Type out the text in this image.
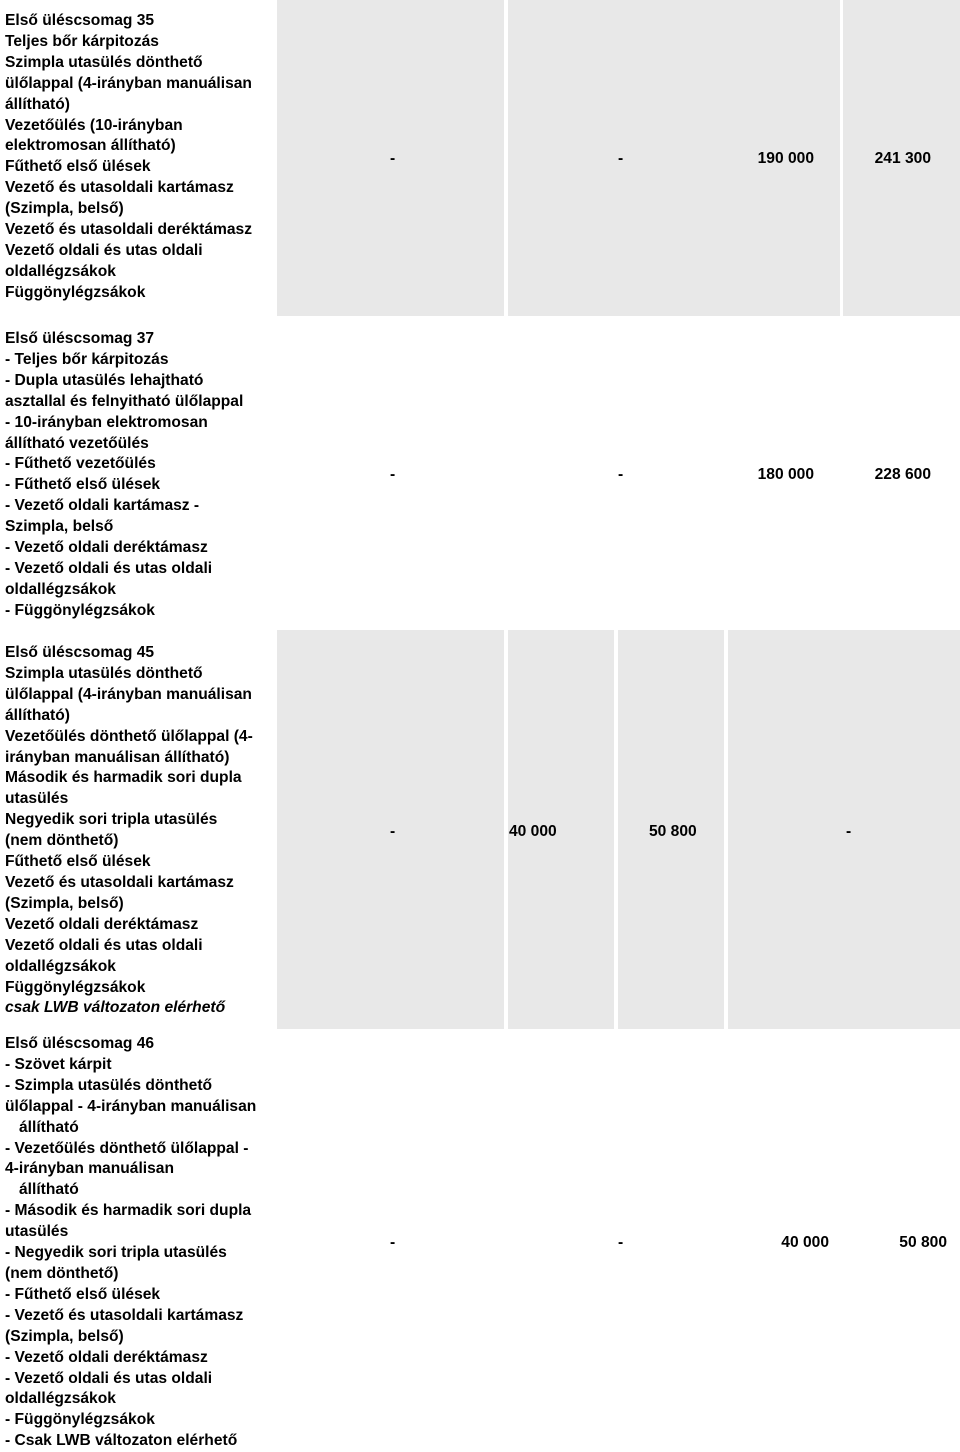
Első üléscsomag 35
Teljes bőr kárpitozás
Szimpla utasülés dönthető
ülőlappal (4-irányban manuálisan
állítható)
Vezetőülés (10-irányban
elektromosan állítható)
Fűthető első ülések
Vezető és utasoldali kartámasz
(Szimpla, belső)
Vezető és utasoldali deréktámasz
Vezető oldali és utas oldali
oldallégzsákok
Függönylégzsákok
-	-	190 000	241 300
Első üléscsomag 37
- Teljes bőr kárpitozás
- Dupla utasülés lehajtható
asztallal és felnyitható ülőlappal
- 10-irányban elektromosan
állítható vezetőülés
- Fűthető vezetőülés
- Fűthető első ülések
- Vezető oldali kartámasz -
Szimpla, belső
- Vezető oldali deréktámasz
- Vezető oldali és utas oldali
oldallégzsákok
- Függönylégzsákok
-	-	180 000	228 600
Első üléscsomag 45
Szimpla utasülés dönthető
ülőlappal (4-irányban manuálisan
állítható)
Vezetőülés dönthető ülőlappal (4-
irányban manuálisan állítható)
Második és harmadik sori dupla
utasülés
Negyedik sori tripla utasülés
(nem dönthető)
Fűthető első ülések
Vezető és utasoldali kartámasz
(Szimpla, belső)
Vezető oldali deréktámasz
Vezető oldali és utas oldali
oldallégzsákok
Függönylégzsákok
csak LWB változaton elérhető
-	40 000	50 800	-
Első üléscsomag 46
- Szövet kárpit
- Szimpla utasülés dönthető
ülőlappal - 4-irányban manuálisan
állítható
- Vezetőülés dönthető ülőlappal -
4-irányban manuálisan
állítható
- Második és harmadik sori dupla
utasülés
- Negyedik sori tripla utasülés
(nem dönthető)
- Fűthető első ülések
- Vezető és utasoldali kartámasz
(Szimpla, belső)
- Vezető oldali deréktámasz
- Vezető oldali és utas oldali
oldallégzsákok
- Függönylégzsákok
- Csak LWB változaton elérhető
-	-	40 000	50 800
